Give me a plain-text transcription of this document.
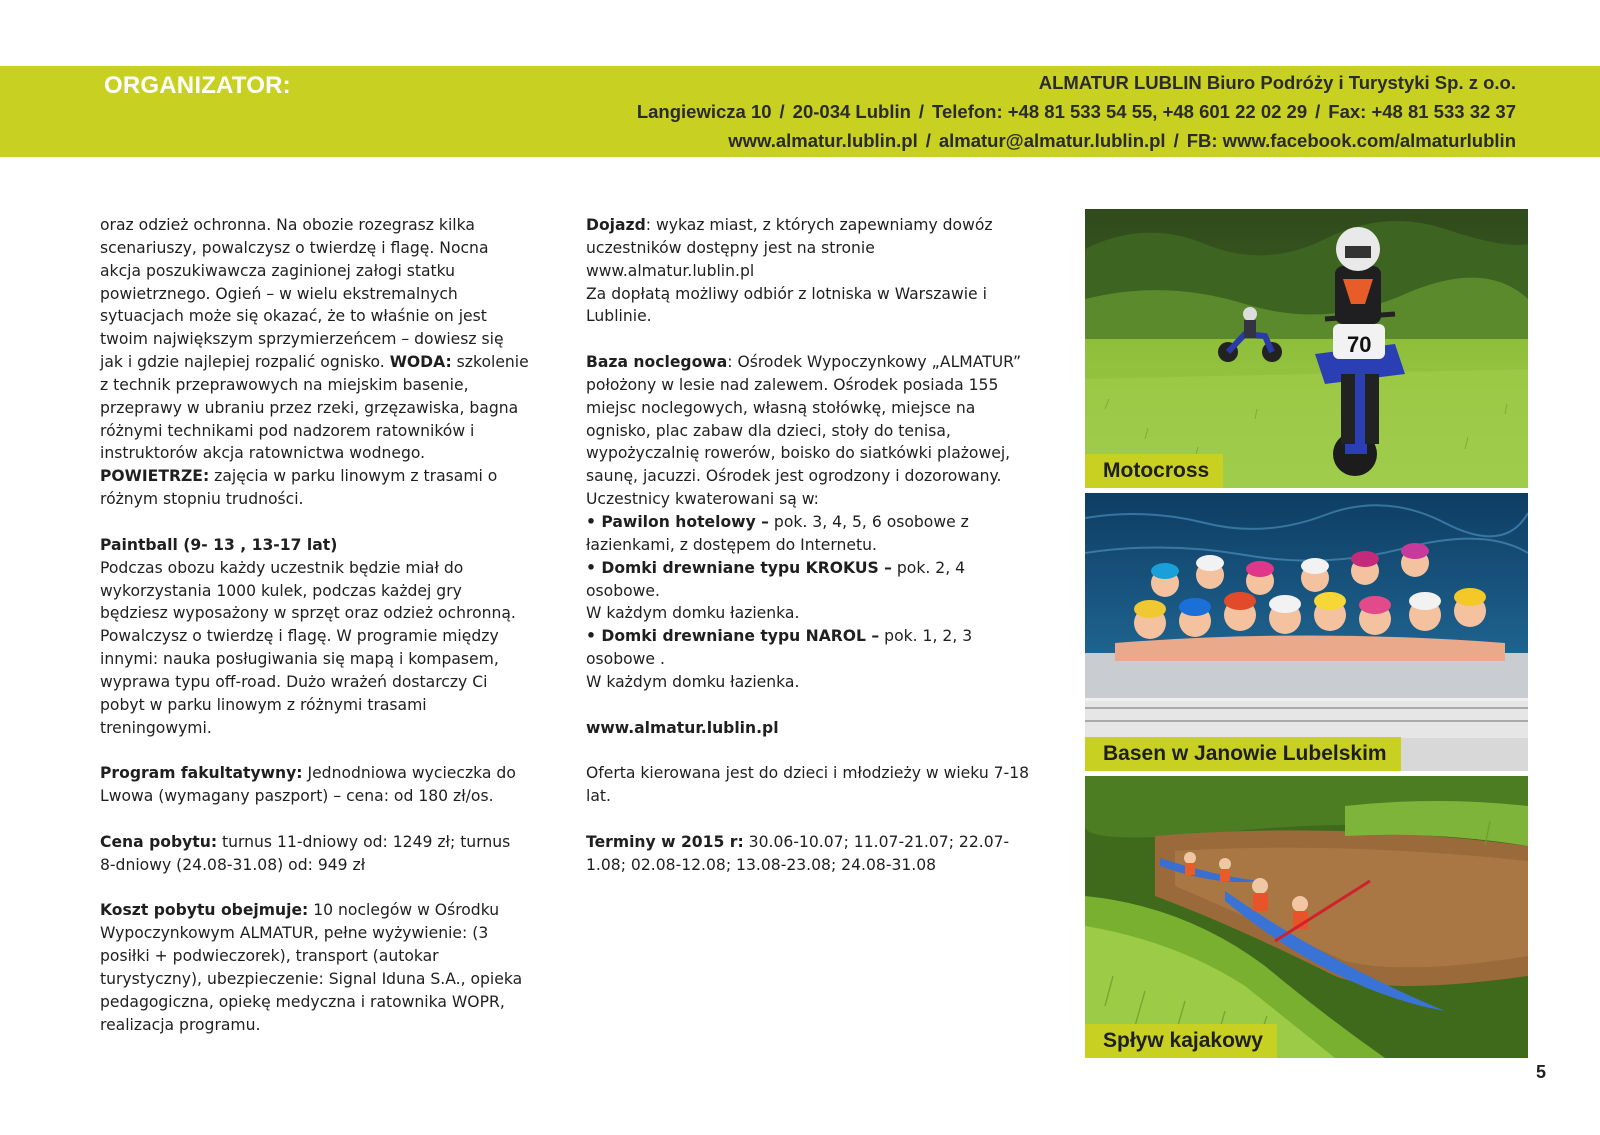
ORGANIZATOR:	ALMATUR LUBLIN Biuro Podróży i Turystyki Sp. z o.o.
Langiewicza 10 / 20-034 Lublin / Telefon: +48 81 533 54 55, +48 601 22 02 29 / Fax: +48 81 533 32 37
www.almatur.lublin.pl / almatur@almatur.lublin.pl / FB: www.facebook.com/almaturlublin

oraz odzież ochronna. Na obozie rozegrasz kilka scenariuszy, powalczysz o twierdzę i flagę. Nocna akcja poszukiwawcza zaginionej załogi statku powietrznego. Ogień – w wielu ekstremalnych sytuacjach może się okazać, że to właśnie on jest twoim największym sprzymierzeńcem – dowiesz się jak i gdzie najlepiej rozpalić ognisko. WODA: szkolenie z technik przeprawowych na miejskim basenie, przeprawy w ubraniu przez rzeki, grzęzawiska, bagna różnymi technikami pod nadzorem ratowników i instruktorów akcja ratownictwa wodnego. POWIETRZE: zajęcia w parku linowym z trasami o różnym stopniu trudności.

Paintball (9- 13 , 13-17 lat)

Podczas obozu każdy uczestnik będzie miał do wykorzystania 1000 kulek, podczas każdej gry będziesz wyposażony w sprzęt oraz odzież ochronną. Powalczysz o twierdzę i flagę. W programie między innymi: nauka posługiwania się mapą i kompasem, wyprawa typu off-road. Dużo wrażeń dostarczy Ci pobyt w parku linowym z różnymi trasami treningowymi.

Program fakultatywny: Jednodniowa wycieczka do Lwowa (wymagany paszport) – cena: od 180 zł/os.

Cena pobytu: turnus 11-dniowy od: 1249 zł; turnus 8-dniowy (24.08-31.08) od: 949 zł

Koszt pobytu obejmuje: 10 noclegów w Ośrodku Wypoczynkowym ALMATUR, pełne wyżywienie: (3 posiłki + podwieczorek), transport (autokar turystyczny), ubezpieczenie: Signal Iduna S.A., opieka pedagogiczna, opiekę medyczna i ratownika WOPR, realizacja programu.

Dojazd: wykaz miast, z których zapewniamy dowóz uczestników dostępny jest na stronie www.almatur.lublin.pl

Za dopłatą możliwy odbiór z lotniska w Warszawie i Lublinie.

Baza noclegowa: Ośrodek Wypoczynkowy „ALMATUR” położony w lesie nad zalewem. Ośrodek posiada 155 miejsc noclegowych, własną stołówkę, miejsce na ognisko, plac zabaw dla dzieci, stoły do tenisa, wypożyczalnię rowerów, boisko do siatkówki plażowej, saunę, jacuzzi. Ośrodek jest ogrodzony i dozorowany.

Uczestnicy kwaterowani są w:

• Pawilon hotelowy – pok. 3, 4, 5, 6 osobowe z łazienkami, z dostępem do Internetu.

• Domki drewniane typu KROKUS – pok. 2, 4 osobowe.

W każdym domku łazienka.

• Domki drewniane typu NAROL – pok. 1, 2, 3 osobowe .

W każdym domku łazienka.

www.almatur.lublin.pl

Oferta kierowana jest do dzieci i młodzieży w wieku 7-18 lat.

Terminy w 2015 r: 30.06-10.07; 11.07-21.07; 22.07-1.08; 02.08-12.08; 13.08-23.08; 24.08-31.08

70
Motocross
Basen w Janowie Lubelskim
Spływ kajakowy
5
